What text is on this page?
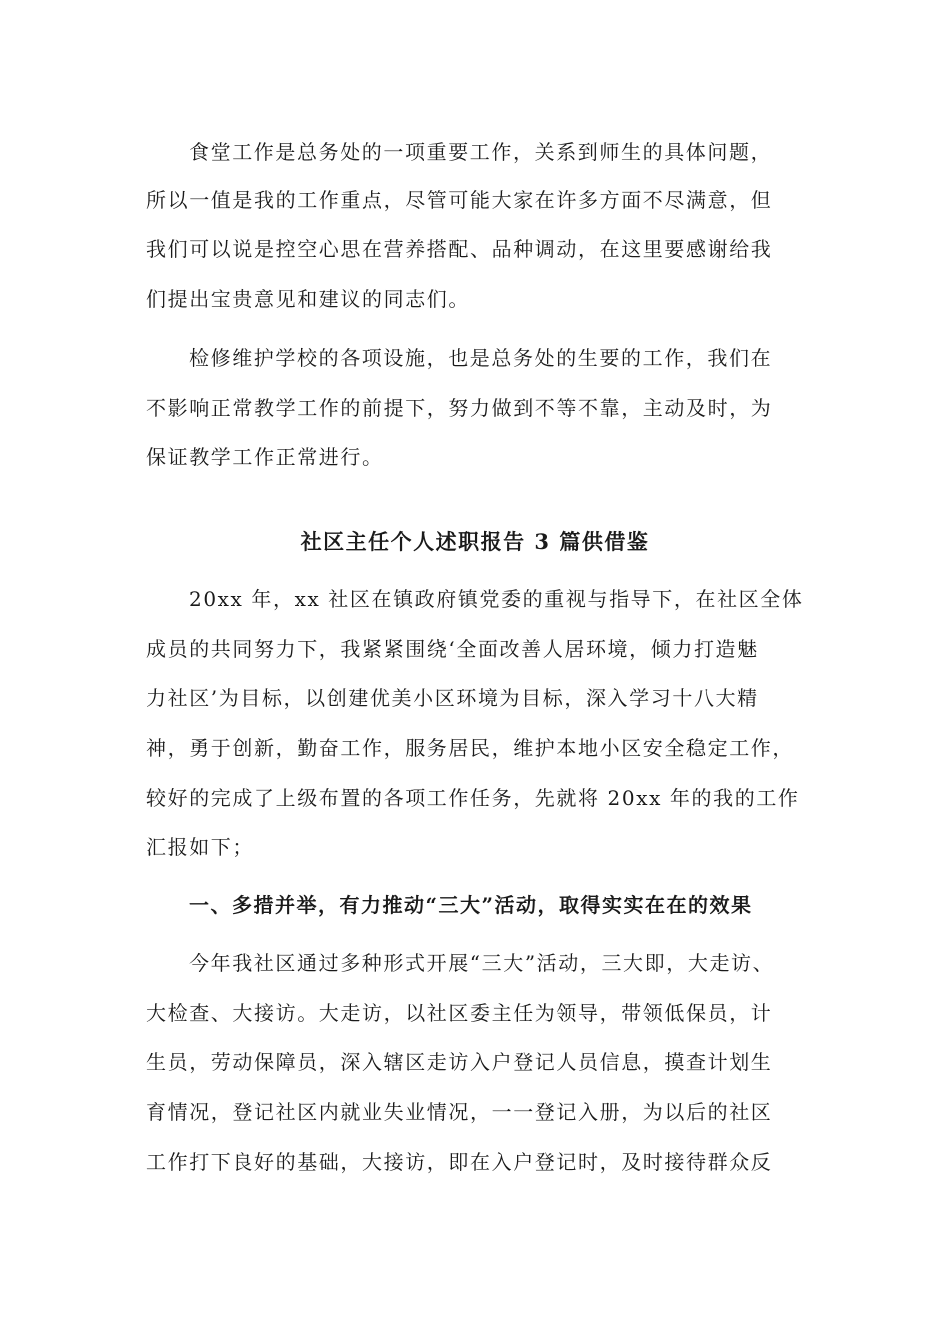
食堂工作是总务处的一项重要工作，关系到师生的具体问题，
所以一值是我的工作重点，尽管可能大家在许多方面不尽满意，但
我们可以说是控空心思在营养搭配、品种调动，在这里要感谢给我
们提出宝贵意见和建议的同志们。
检修维护学校的各项设施，也是总务处的生要的工作，我们在
不影响正常教学工作的前提下，努力做到不等不靠，主动及时，为
保证教学工作正常进行。
社区主任个人述职报告 3 篇供借鉴
20xx 年，xx 社区在镇政府镇党委的重视与指导下，在社区全体
成员的共同努力下，我紧紧围绕‘全面改善人居环境，倾力打造魅
力社区’为目标，以创建优美小区环境为目标，深入学习十八大精
神，勇于创新，勤奋工作，服务居民，维护本地小区安全稳定工作，
较好的完成了上级布置的各项工作任务，先就将 20xx 年的我的工作
汇报如下；
一、多措并举，有力推动“三大”活动，取得实实在在的效果
今年我社区通过多种形式开展“三大”活动，三大即，大走访、
大检查、大接访。大走访，以社区委主任为领导，带领低保员，计
生员，劳动保障员，深入辖区走访入户登记人员信息，摸查计划生
育情况，登记社区内就业失业情况，一一登记入册，为以后的社区
工作打下良好的基础，大接访，即在入户登记时，及时接待群众反
